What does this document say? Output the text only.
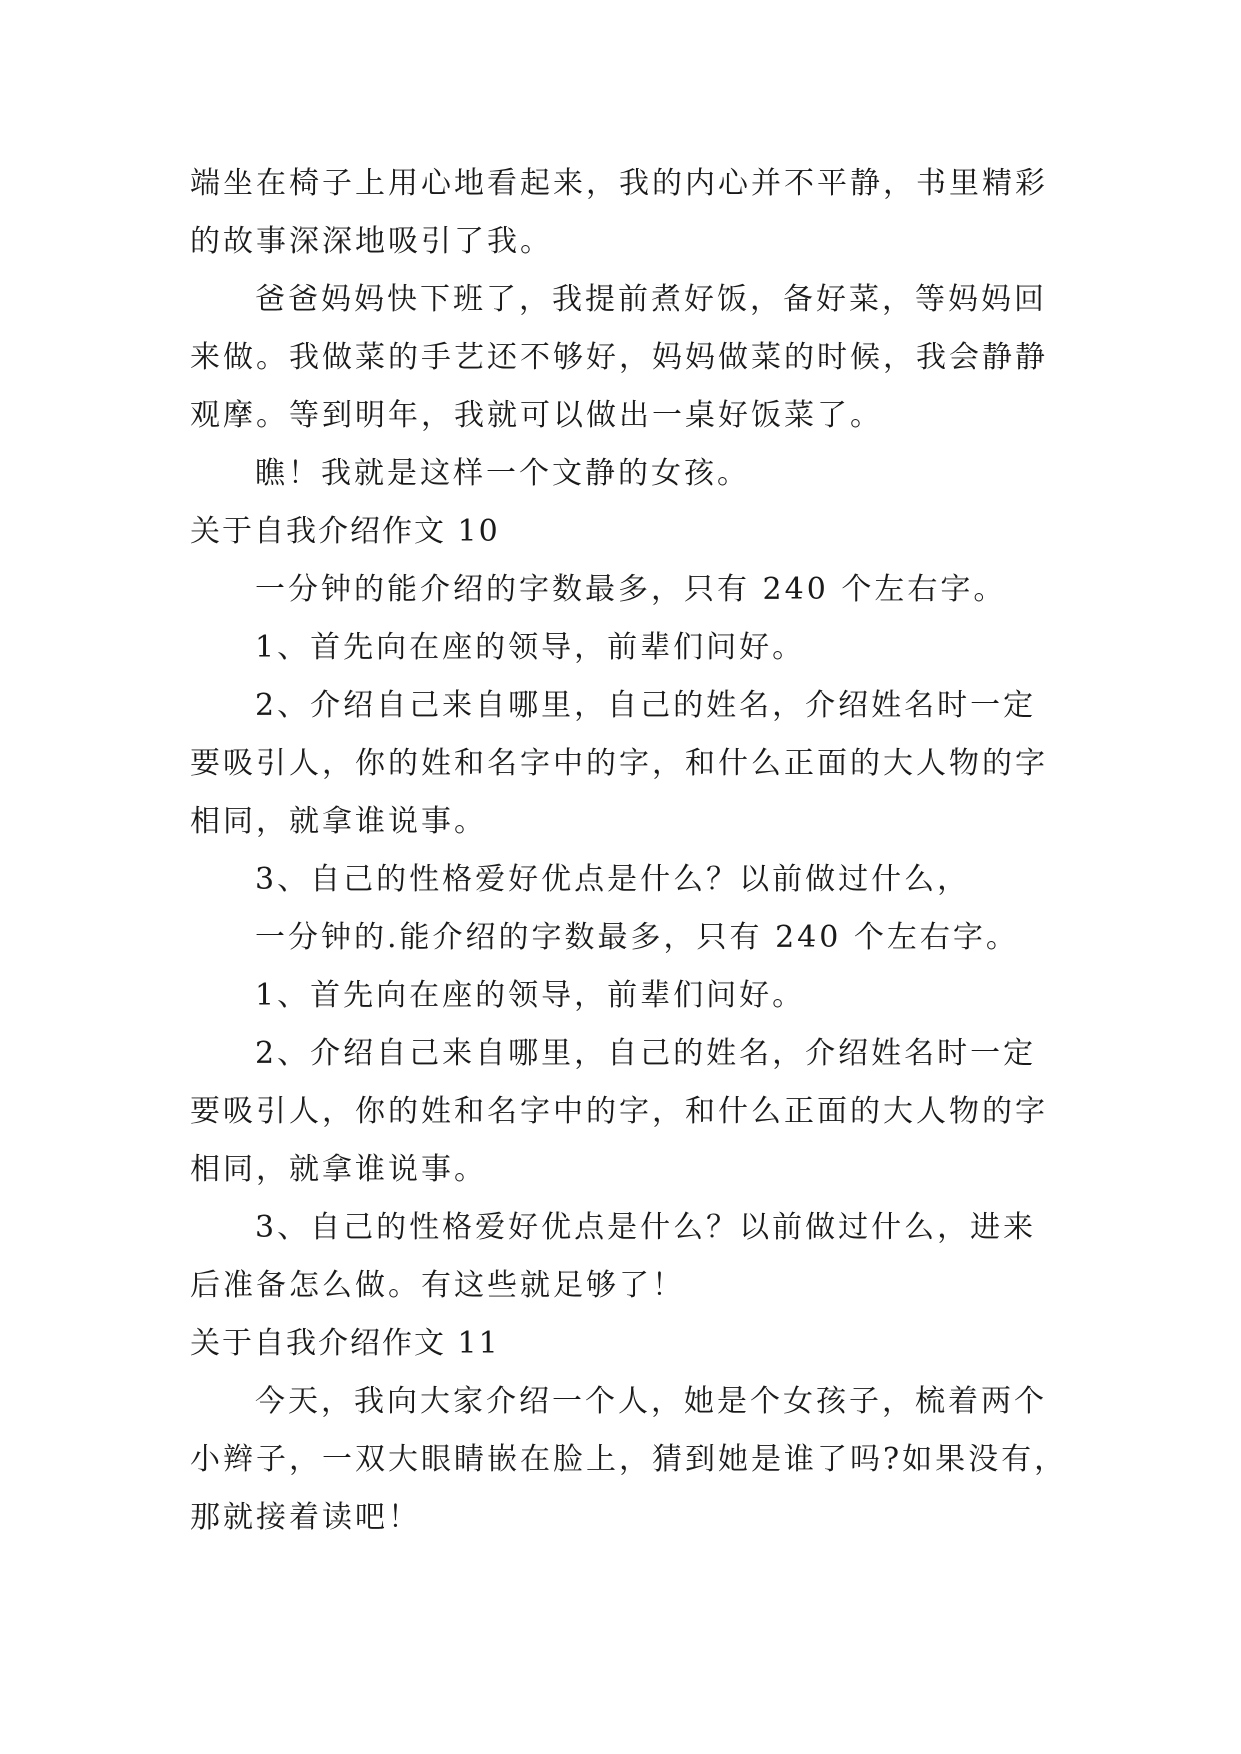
端坐在椅子上用心地看起来，我的内心并不平静，书里精彩
的故事深深地吸引了我。
爸爸妈妈快下班了，我提前煮好饭，备好菜，等妈妈回
来做。我做菜的手艺还不够好，妈妈做菜的时候，我会静静
观摩。等到明年，我就可以做出一桌好饭菜了。
瞧！我就是这样一个文静的女孩。
关于自我介绍作文 10
一分钟的能介绍的字数最多，只有 240 个左右字。
1、首先向在座的领导，前辈们问好。
2、介绍自己来自哪里，自己的姓名，介绍姓名时一定
要吸引人，你的姓和名字中的字，和什么正面的大人物的字
相同，就拿谁说事。
3、自己的性格爱好优点是什么？以前做过什么，
一分钟的.能介绍的字数最多，只有 240 个左右字。
1、首先向在座的领导，前辈们问好。
2、介绍自己来自哪里，自己的姓名，介绍姓名时一定
要吸引人，你的姓和名字中的字，和什么正面的大人物的字
相同，就拿谁说事。
3、自己的性格爱好优点是什么？以前做过什么，进来
后准备怎么做。有这些就足够了！
关于自我介绍作文 11
今天，我向大家介绍一个人，她是个女孩子，梳着两个
小辫子，一双大眼睛嵌在脸上，猜到她是谁了吗?如果没有，
那就接着读吧！
